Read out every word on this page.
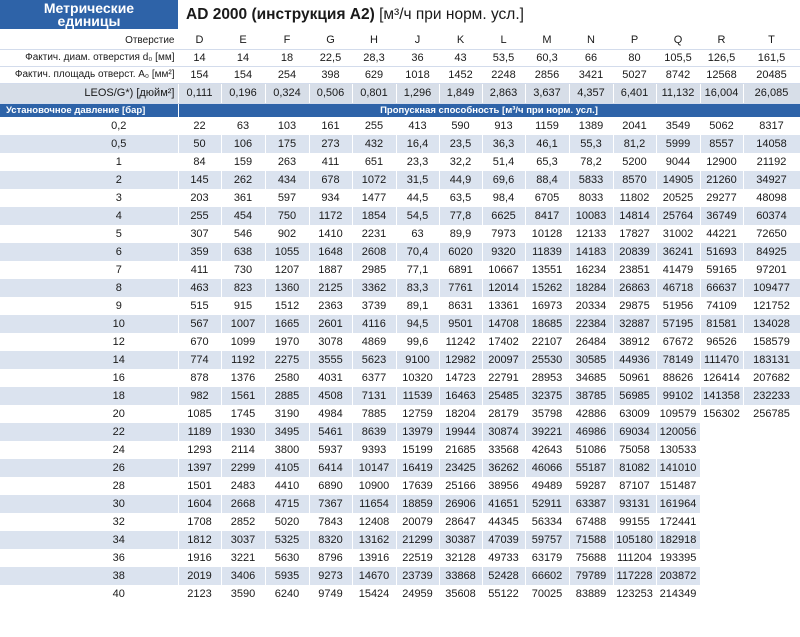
Метрические
единицы	AD 2000 (инструкция A2) [м³/ч при норм. усл.]
Отверстие	D	E	F	G	H	J	K	L	M	N	P	Q	R	T
Фактич. диам. отверстия d₀ [мм]	14	14	18	22,5	28,3	36	43	53,5	60,3	66	80	105,5	126,5	161,5
Фактич. площадь отверст. A₀ [мм²]	154	154	254	398	629	1018	1452	2248	2856	3421	5027	8742	12568	20485
LEOS/G*) [дюйм²]	0,111	0,196	0,324	0,506	0,801	1,296	1,849	2,863	3,637	4,357	6,401	11,132	16,004	26,085
Установочное давление [бар]	Пропускная способность [м³/ч при норм. усл.]													
0,2	22	63	103	161	255	413	590	913	1159	1389	2041	3549	5062	8317
0,5	50	106	175	273	432	16,4	23,5	36,3	46,1	55,3	81,2	5999	8557	14058
1	84	159	263	411	651	23,3	32,2	51,4	65,3	78,2	5200	9044	12900	21192
2	145	262	434	678	1072	31,5	44,9	69,6	88,4	5833	8570	14905	21260	34927
3	203	361	597	934	1477	44,5	63,5	98,4	6705	8033	11802	20525	29277	48098
4	255	454	750	1172	1854	54,5	77,8	6625	8417	10083	14814	25764	36749	60374
5	307	546	902	1410	2231	63	89,9	7973	10128	12133	17827	31002	44221	72650
6	359	638	1055	1648	2608	70,4	6020	9320	11839	14183	20839	36241	51693	84925
7	411	730	1207	1887	2985	77,1	6891	10667	13551	16234	23851	41479	59165	97201
8	463	823	1360	2125	3362	83,3	7761	12014	15262	18284	26863	46718	66637	109477
9	515	915	1512	2363	3739	89,1	8631	13361	16973	20334	29875	51956	74109	121752
10	567	1007	1665	2601	4116	94,5	9501	14708	18685	22384	32887	57195	81581	134028
12	670	1099	1970	3078	4869	99,6	11242	17402	22107	26484	38912	67672	96526	158579
14	774	1192	2275	3555	5623	9100	12982	20097	25530	30585	44936	78149	111470	183131
16	878	1376	2580	4031	6377	10320	14723	22791	28953	34685	50961	88626	126414	207682
18	982	1561	2885	4508	7131	11539	16463	25485	32375	38785	56985	99102	141358	232233
20	1085	1745	3190	4984	7885	12759	18204	28179	35798	42886	63009	109579	156302	256785
22	1189	1930	3495	5461	8639	13979	19944	30874	39221	46986	69034	120056		
24	1293	2114	3800	5937	9393	15199	21685	33568	42643	51086	75058	130533		
26	1397	2299	4105	6414	10147	16419	23425	36262	46066	55187	81082	141010		
28	1501	2483	4410	6890	10900	17639	25166	38956	49489	59287	87107	151487		
30	1604	2668	4715	7367	11654	18859	26906	41651	52911	63387	93131	161964		
32	1708	2852	5020	7843	12408	20079	28647	44345	56334	67488	99155	172441		
34	1812	3037	5325	8320	13162	21299	30387	47039	59757	71588	105180	182918		
36	1916	3221	5630	8796	13916	22519	32128	49733	63179	75688	111204	193395		
38	2019	3406	5935	9273	14670	23739	33868	52428	66602	79789	117228	203872		
40	2123	3590	6240	9749	15424	24959	35608	55122	70025	83889	123253	214349		
